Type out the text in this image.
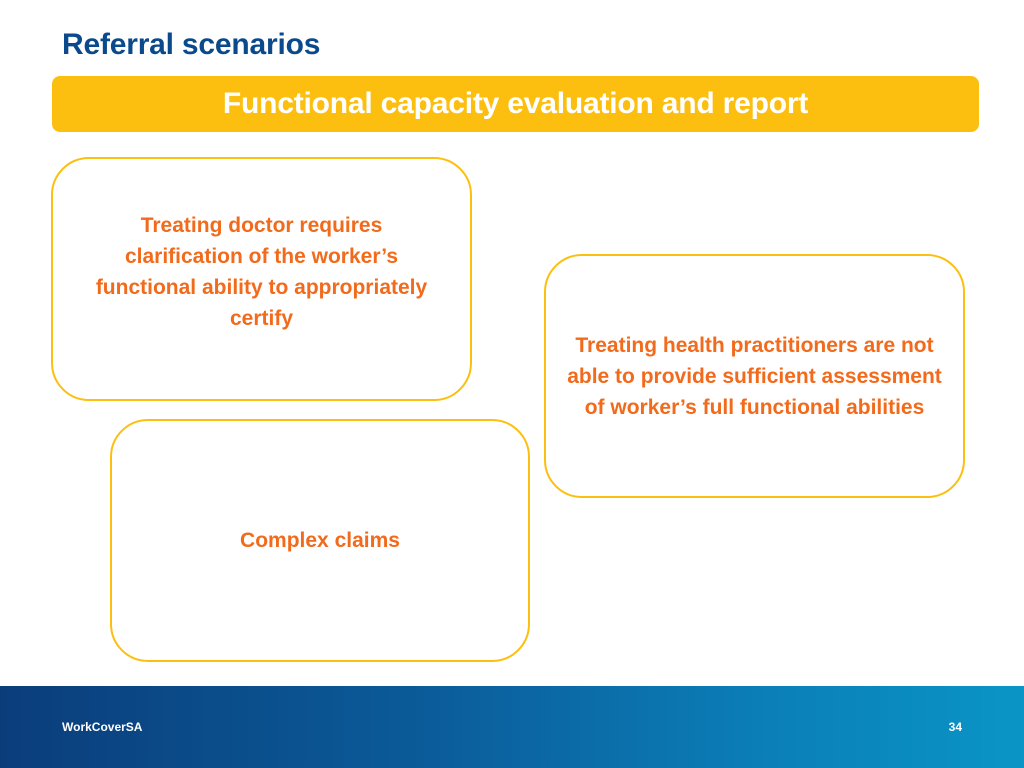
Referral scenarios
Functional capacity evaluation and report
Treating doctor requires clarification of the worker’s functional ability to appropriately certify
Treating health practitioners are not able to provide sufficient assessment of worker’s full functional abilities
Complex claims
WorkCoverSA	34
